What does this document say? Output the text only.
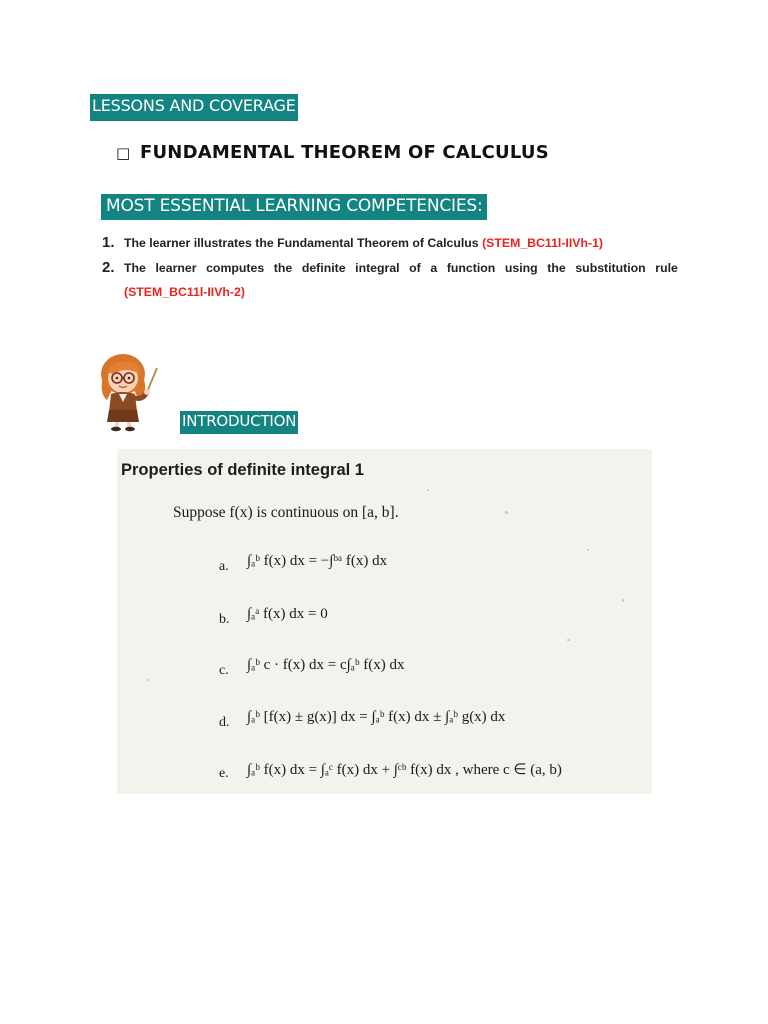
LESSONS AND COVERAGE
□ FUNDAMENTAL THEOREM OF CALCULUS
MOST ESSENTIAL LEARNING COMPETENCIES:
1. The learner illustrates the Fundamental Theorem of Calculus (STEM_BC11l-IIVh-1)
2. The learner computes the definite integral of a function using the substitution rule
(STEM_BC11l-IIVh-2)
INTRODUCTION
Properties of definite integral 1
Suppose f(x) is continuous on [a, b].
a. ∫ₐᵇ f(x) dx = −∫ᵇᵃ f(x) dx
b. ∫ₐᵃ f(x) dx = 0
c. ∫ₐᵇ c · f(x) dx = c∫ₐᵇ f(x) dx
d. ∫ₐᵇ [f(x) ± g(x)] dx = ∫ₐᵇ f(x) dx ± ∫ₐᵇ g(x) dx
e. ∫ₐᵇ f(x) dx = ∫ₐᶜ f(x) dx + ∫ᶜᵇ f(x) dx , where c ∈ (a, b)
